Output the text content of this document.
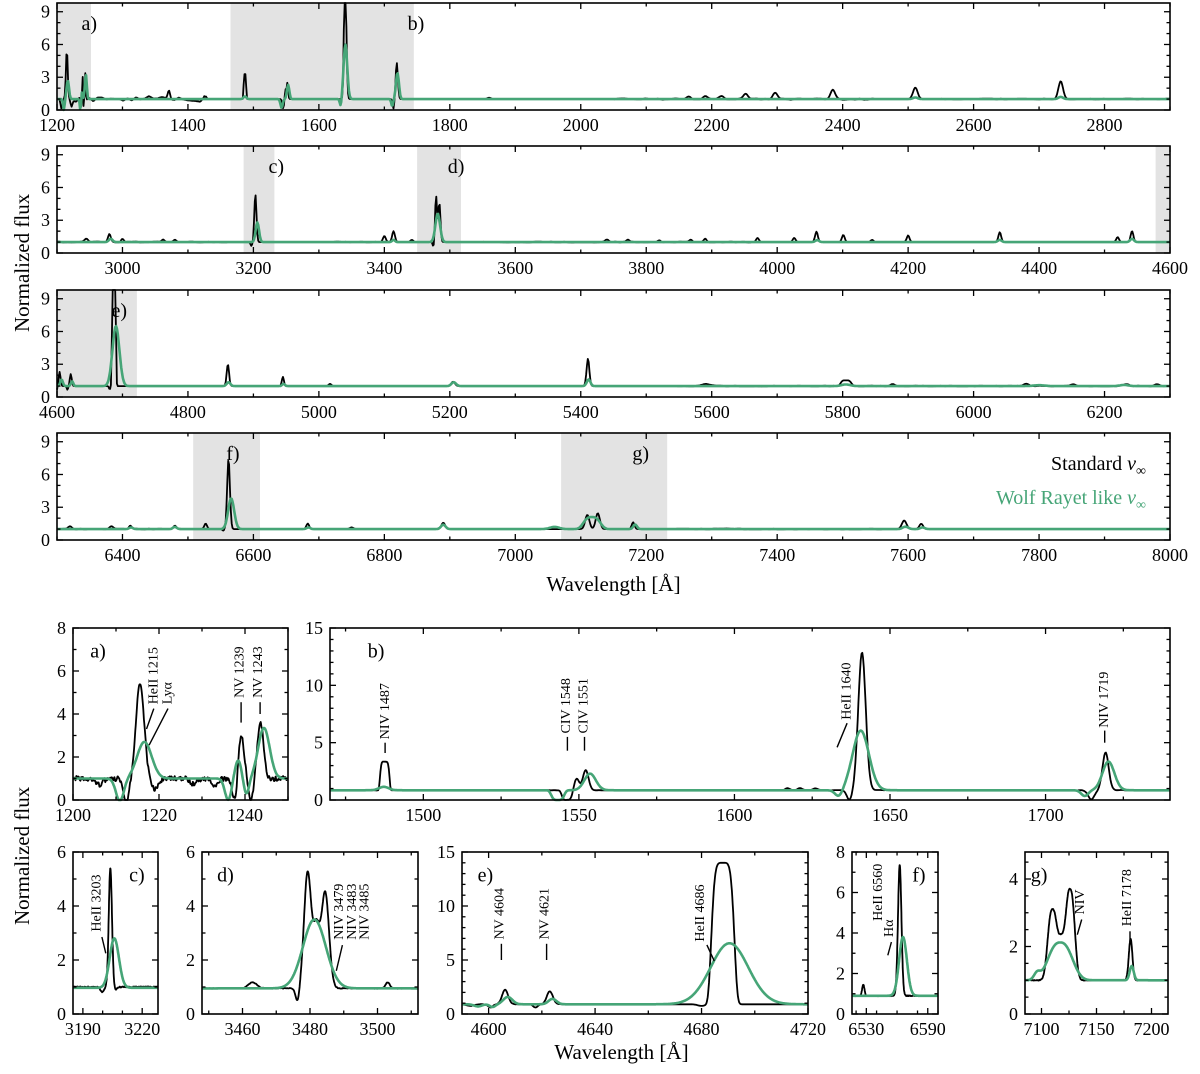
a)	b)
1200	1400	1600	1800	2000	2200	2400	2600	2800
0
3
6
9
c)	d)
3000	3200	3400	3600	3800	4000	4200	4400	4600
0
3
6
9
e)
4600	4800	5000	5200	5400	5600	5800	6000	6200
0
3
6
9
f)	g)
6400	6600	6800	7000	7200	7400	7600	7800	8000
0
3
6
9
a)
1200	1220	1240
0
2
4
6
8
HeII 1215 Lyα	NV 1239 NV 1243	b)
1500	1550	1600	1650	1700
0
5
10
15
NIV 1487	CIV 1548 CIV 1551	HeII 1640	NIV 1719
c)
3190 3220
0
2
4
6
HeII 3203	d)
3460 3480 3500
0
2
4
6
NIV 3479
NIV 3483
NIV 3485
e)
4600	4640	4680	4720
0
5
10
15
NV 4604 NV 4621	HeII 4686
f)
6530 6590
0
2
4
6
8
HeII 6560
Hα
g)
7100 7150 7200
0
2
4
NIV HeII 7178
Normalized flux
Normalized flux
Wavelength [Å]
Wavelength [Å]
Standard $v_\infty$
Wolf Rayet like $v_\infty$
